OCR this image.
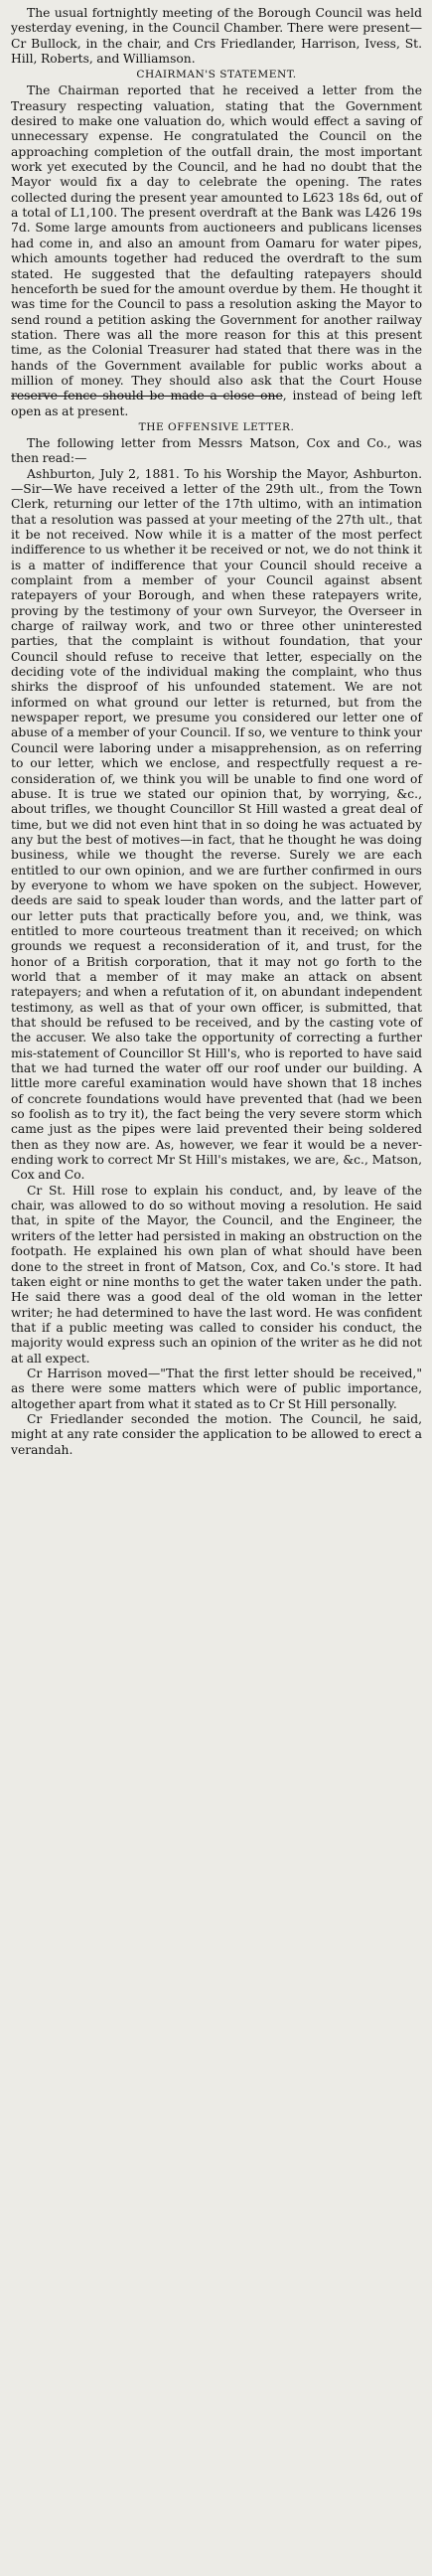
The usual fortnightly meeting of the Borough Council was held yesterday evening, in the Council Chamber. There were present—Cr Bullock, in the chair, and Crs Friedlander, Harrison, Ivess, St. Hill, Roberts, and Williamson.

CHAIRMAN'S STATEMENT.

The Chairman reported that he received a letter from the Treasury respecting valuation, stating that the Government desired to make one valuation do, which would effect a saving of unnecessary expense. He congratulated the Council on the approaching completion of the outfall drain, the most important work yet executed by the Council, and he had no doubt that the Mayor would fix a day to celebrate the opening. The rates collected during the present year amounted to L623 18s 6d, out of a total of L1,100. The present overdraft at the Bank was L426 19s 7d. Some large amounts from auctioneers and publicans licenses had come in, and also an amount from Oamaru for water pipes, which amounts together had reduced the overdraft to the sum stated. He suggested that the defaulting ratepayers should henceforth be sued for the amount overdue by them. He thought it was time for the Council to pass a resolution asking the Mayor to send round a petition asking the Government for another railway station. There was all the more reason for this at this present time, as the Colonial Treasurer had stated that there was in the hands of the Government available for public works about a million of money. They should also ask that the Court House reserve fence should be made a close one, instead of being left open as at present.

THE OFFENSIVE LETTER.

The following letter from Messrs Matson, Cox and Co., was then read:—

Ashburton, July 2, 1881. To his Worship the Mayor, Ashburton.—Sir—We have received a letter of the 29th ult., from the Town Clerk, returning our letter of the 17th ultimo, with an intimation that a resolution was passed at your meeting of the 27th ult., that it be not received. Now while it is a matter of the most perfect indifference to us whether it be received or not, we do not think it is a matter of indifference that your Council should receive a complaint from a member of your Council against absent ratepayers of your Borough, and when these ratepayers write, proving by the testimony of your own Surveyor, the Overseer in charge of railway work, and two or three other uninterested parties, that the complaint is without foundation, that your Council should refuse to receive that letter, especially on the deciding vote of the individual making the complaint, who thus shirks the disproof of his unfounded statement. We are not informed on what ground our letter is returned, but from the newspaper report, we presume you considered our letter one of abuse of a member of your Council. If so, we venture to think your Council were laboring under a misapprehension, as on referring to our letter, which we enclose, and respectfully request a re-consideration of, we think you will be unable to find one word of abuse. It is true we stated our opinion that, by worrying, &c., about trifles, we thought Councillor St Hill wasted a great deal of time, but we did not even hint that in so doing he was actuated by any but the best of motives—in fact, that he thought he was doing business, while we thought the reverse. Surely we are each entitled to our own opinion, and we are further confirmed in ours by everyone to whom we have spoken on the subject. However, deeds are said to speak louder than words, and the latter part of our letter puts that practically before you, and, we think, was entitled to more courteous treatment than it received; on which grounds we request a reconsideration of it, and trust, for the honor of a British corporation, that it may not go forth to the world that a member of it may make an attack on absent ratepayers; and when a refutation of it, on abundant independent testimony, as well as that of your own officer, is submitted, that that should be refused to be received, and by the casting vote of the accuser. We also take the opportunity of correcting a further mis-statement of Councillor St Hill's, who is reported to have said that we had turned the water off our roof under our building. A little more careful examination would have shown that 18 inches of concrete foundations would have prevented that (had we been so foolish as to try it), the fact being the very severe storm which came just as the pipes were laid prevented their being soldered then as they now are. As, however, we fear it would be a never-ending work to correct Mr St Hill's mistakes, we are, &c., Matson, Cox and Co.

Cr St. Hill rose to explain his conduct, and, by leave of the chair, was allowed to do so without moving a resolution. He said that, in spite of the Mayor, the Council, and the Engineer, the writers of the letter had persisted in making an obstruction on the footpath. He explained his own plan of what should have been done to the street in front of Matson, Cox, and Co.'s store. It had taken eight or nine months to get the water taken under the path. He said there was a good deal of the old woman in the letter writer; he had determined to have the last word. He was confident that if a public meeting was called to consider his conduct, the majority would express such an opinion of the writer as he did not at all expect.

Cr Harrison moved—"That the first letter should be received," as there were some matters which were of public importance, altogether apart from what it stated as to Cr St Hill personally.

Cr Friedlander seconded the motion. The Council, he said, might at any rate consider the application to be allowed to erect a verandah.
